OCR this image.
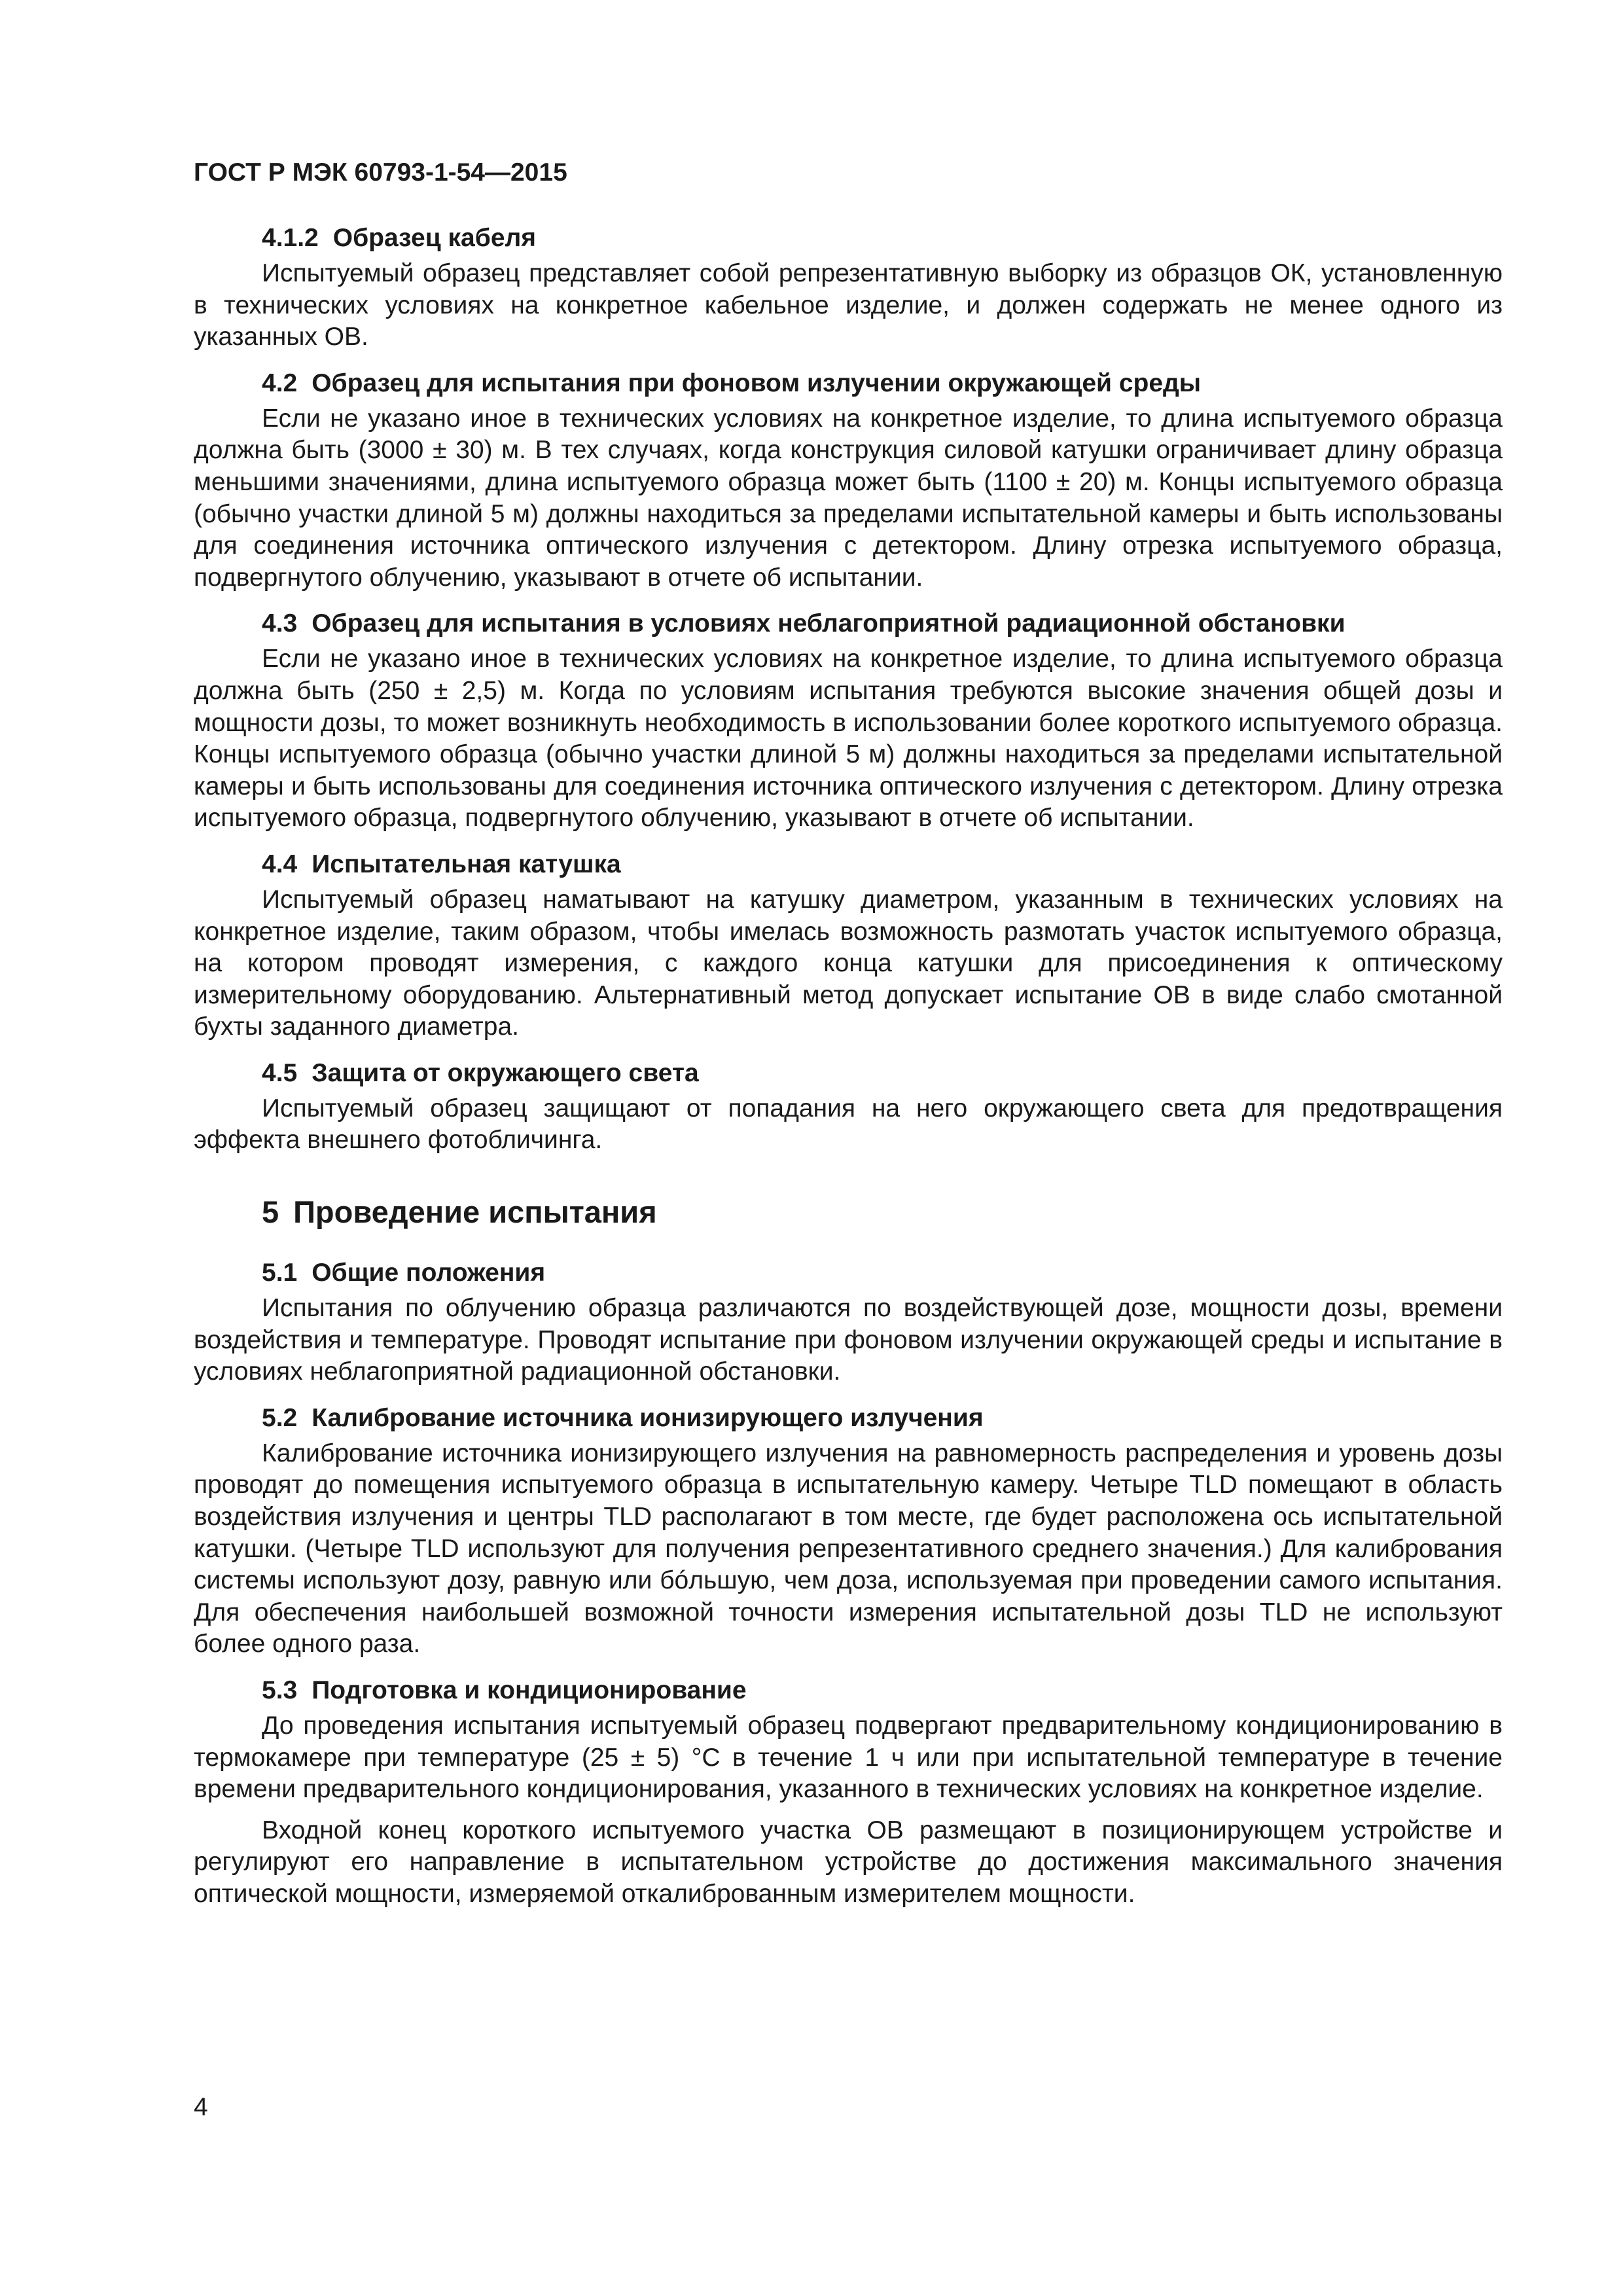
ГОСТ Р МЭК 60793-1-54—2015
4.1.2 Образец кабеля

Испытуемый образец представляет собой репрезентативную выборку из образцов ОК, установленную в технических условиях на конкретное кабельное изделие, и должен содержать не менее одного из указанных ОВ.

4.2 Образец для испытания при фоновом излучении окружающей среды

Если не указано иное в технических условиях на конкретное изделие, то длина испытуемого образца должна быть (3000 ± 30) м. В тех случаях, когда конструкция силовой катушки ограничивает длину образца меньшими значениями, длина испытуемого образца может быть (1100 ± 20) м. Концы испытуемого образца (обычно участки длиной 5 м) должны находиться за пределами испытательной камеры и быть использованы для соединения источника оптического излучения с детектором. Длину отрезка испытуемого образца, подвергнутого облучению, указывают в отчете об испытании.

4.3 Образец для испытания в условиях неблагоприятной радиационной обстановки

Если не указано иное в технических условиях на конкретное изделие, то длина испытуемого образца должна быть (250 ± 2,5) м. Когда по условиям испытания требуются высокие значения общей дозы и мощности дозы, то может возникнуть необходимость в использовании более короткого испытуемого образца. Концы испытуемого образца (обычно участки длиной 5 м) должны находиться за пределами испытательной камеры и быть использованы для соединения источника оптического излучения с детектором. Длину отрезка испытуемого образца, подвергнутого облучению, указывают в отчете об испытании.

4.4 Испытательная катушка

Испытуемый образец наматывают на катушку диаметром, указанным в технических условиях на конкретное изделие, таким образом, чтобы имелась возможность размотать участок испытуемого образца, на котором проводят измерения, с каждого конца катушки для присоединения к оптическому измерительному оборудованию. Альтернативный метод допускает испытание ОВ в виде слабо смотанной бухты заданного диаметра.

4.5 Защита от окружающего света

Испытуемый образец защищают от попадания на него окружающего света для предотвращения эффекта внешнего фотобличинга.

5 Проведение испытания
5.1 Общие положения

Испытания по облучению образца различаются по воздействующей дозе, мощности дозы, времени воздействия и температуре. Проводят испытание при фоновом излучении окружающей среды и испытание в условиях неблагоприятной радиационной обстановки.

5.2 Калибрование источника ионизирующего излучения

Калибрование источника ионизирующего излучения на равномерность распределения и уровень дозы проводят до помещения испытуемого образца в испытательную камеру. Четыре TLD помещают в область воздействия излучения и центры TLD располагают в том месте, где будет расположена ось испытательной катушки. (Четыре TLD используют для получения репрезентативного среднего значения.) Для калибрования системы используют дозу, равную или бóльшую, чем доза, используемая при проведении самого испытания. Для обеспечения наибольшей возможной точности измерения испытательной дозы TLD не используют более одного раза.

5.3 Подготовка и кондиционирование

До проведения испытания испытуемый образец подвергают предварительному кондиционированию в термокамере при температуре (25 ± 5) °С в течение 1 ч или при испытательной температуре в течение времени предварительного кондиционирования, указанного в технических условиях на конкретное изделие.

Входной конец короткого испытуемого участка ОВ размещают в позиционирующем устройстве и регулируют его направление в испытательном устройстве до достижения максимального значения оптической мощности, измеряемой откалиброванным измерителем мощности.

4
